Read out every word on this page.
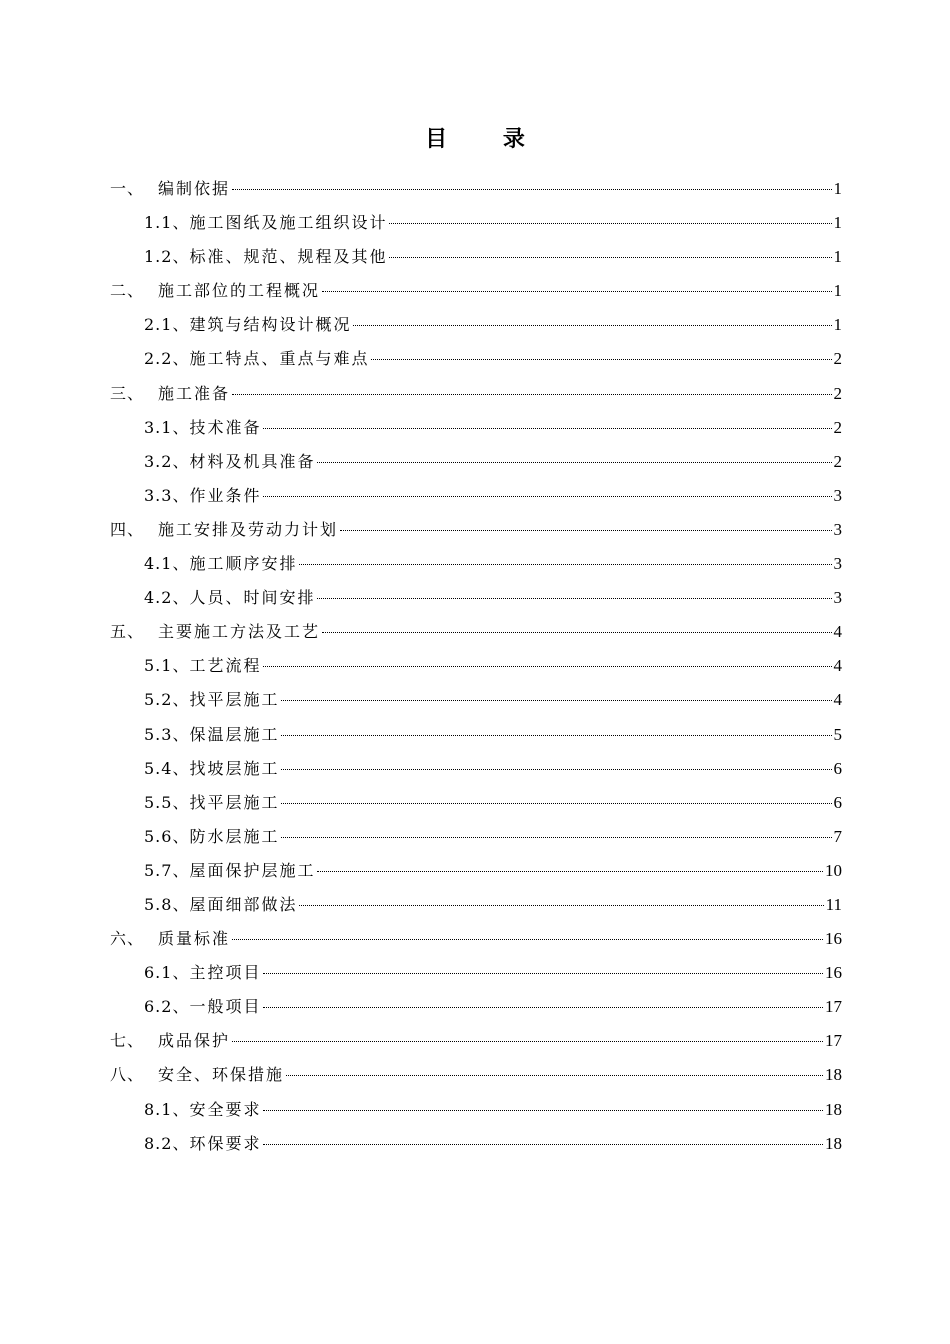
目 录
一、 编制依据	1
1.1、 施工图纸及施工组织设计	1
1.2、 标准、规范、规程及其他	1
二、 施工部位的工程概况	1
2.1、 建筑与结构设计概况	1
2.2、 施工特点、重点与难点	2
三、 施工准备	2
3.1、 技术准备	2
3.2、 材料及机具准备	2
3.3、 作业条件	3
四、 施工安排及劳动力计划	3
4.1、 施工顺序安排	3
4.2、 人员、时间安排	3
五、 主要施工方法及工艺	4
5.1、 工艺流程	4
5.2、 找平层施工	4
5.3、 保温层施工	5
5.4、 找坡层施工	6
5.5、 找平层施工	6
5.6、 防水层施工	7
5.7、 屋面保护层施工	10
5.8、 屋面细部做法	11
六、 质量标准	16
6.1、 主控项目	16
6.2、 一般项目	17
七、 成品保护	17
八、 安全、环保措施	18
8.1、 安全要求	18
8.2、 环保要求	18
